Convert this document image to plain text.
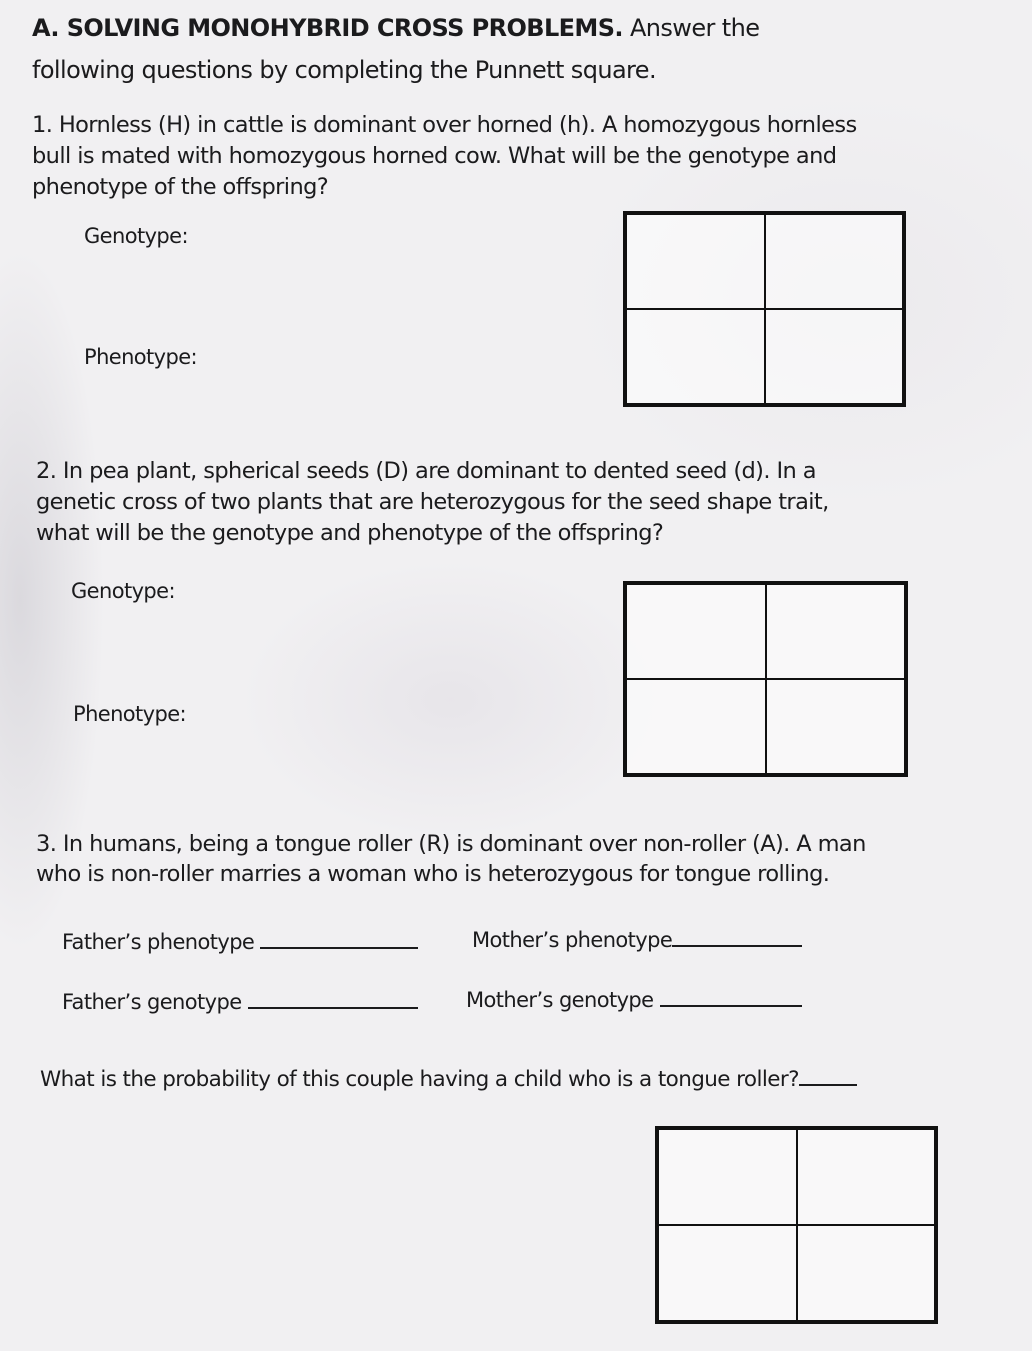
A. SOLVING MONOHYBRID CROSS PROBLEMS. Answer the
following questions by completing the Punnett square.
1. Hornless (H) in cattle is dominant over horned (h). A homozygous hornless
bull is mated with homozygous horned cow. What will be the genotype and
phenotype of the offspring?
Genotype:
Phenotype:
2. In pea plant, spherical seeds (D) are dominant to dented seed (d). In a
genetic cross of two plants that are heterozygous for the seed shape trait,
what will be the genotype and phenotype of the offspring?
Genotype:
Phenotype:
3. In humans, being a tongue roller (R) is dominant over non-roller (A). A man
who is non-roller marries a woman who is heterozygous for tongue rolling.
Father’s phenotype	Mother’s phenotype
Father’s genotype	Mother’s genotype
What is the probability of this couple having a child who is a tongue roller?
